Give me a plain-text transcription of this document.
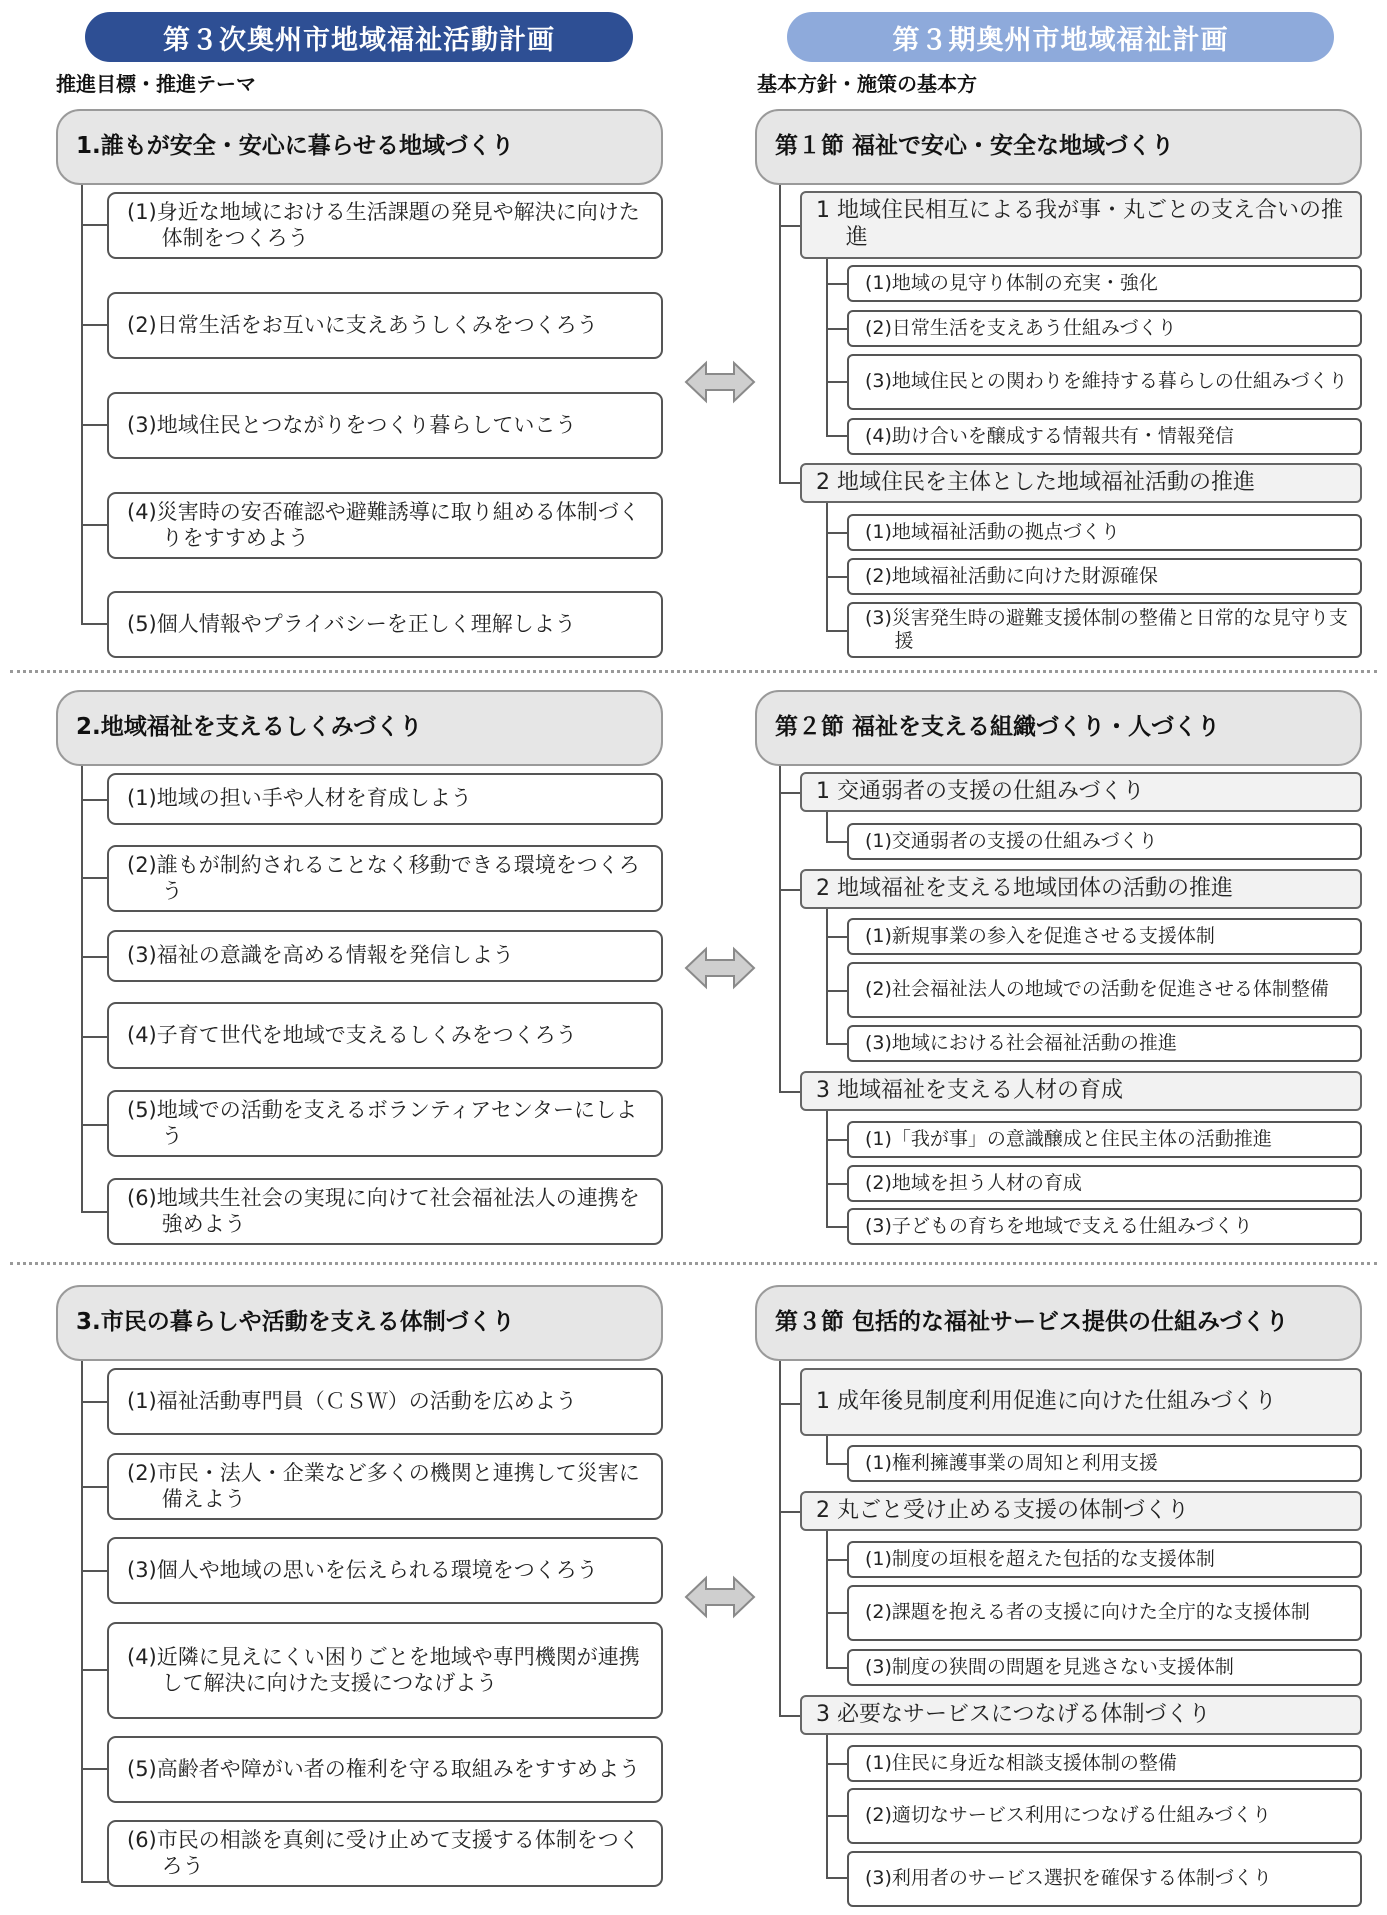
第３次奥州市地域福祉活動計画	第３期奥州市地域福祉計画
推進目標・推進テーマ	基本方針・施策の基本方
1.誰もが安全・安心に暮らせる地域づくり
(1)身近な地域における生活課題の発見や解決に向けた体制をつくろう
(2)日常生活をお互いに支えあうしくみをつくろう
(3)地域住民とつながりをつくり暮らしていこう
(4)災害時の安否確認や避難誘導に取り組める体制づくりをすすめよう
(5)個人情報やプライバシーを正しく理解しよう
第１節 福祉で安心・安全な地域づくり
1 地域住民相互による我が事・丸ごとの支え合いの推進
(1)地域の見守り体制の充実・強化
(2)日常生活を支えあう仕組みづくり
(3)地域住民との関わりを維持する暮らしの仕組みづくり
(4)助け合いを醸成する情報共有・情報発信
2 地域住民を主体とした地域福祉活動の推進
(1)地域福祉活動の拠点づくり
(2)地域福祉活動に向けた財源確保
(3)災害発生時の避難支援体制の整備と日常的な見守り支援
2.地域福祉を支えるしくみづくり
(1)地域の担い手や人材を育成しよう
(2)誰もが制約されることなく移動できる環境をつくろう
(3)福祉の意識を高める情報を発信しよう
(4)子育て世代を地域で支えるしくみをつくろう
(5)地域での活動を支えるボランティアセンターにしよう
(6)地域共生社会の実現に向けて社会福祉法人の連携を強めよう
第２節 福祉を支える組織づくり・人づくり
1 交通弱者の支援の仕組みづくり
(1)交通弱者の支援の仕組みづくり
2 地域福祉を支える地域団体の活動の推進
(1)新規事業の参入を促進させる支援体制
(2)社会福祉法人の地域での活動を促進させる体制整備
(3)地域における社会福祉活動の推進
3 地域福祉を支える人材の育成
(1)「我が事」の意識醸成と住民主体の活動推進
(2)地域を担う人材の育成
(3)子どもの育ちを地域で支える仕組みづくり
3.市民の暮らしや活動を支える体制づくり
(1)福祉活動専門員（ＣＳＷ）の活動を広めよう
(2)市民・法人・企業など多くの機関と連携して災害に備えよう
(3)個人や地域の思いを伝えられる環境をつくろう
(4)近隣に見えにくい困りごとを地域や専門機関が連携して解決に向けた支援につなげよう
(5)高齢者や障がい者の権利を守る取組みをすすめよう
(6)市民の相談を真剣に受け止めて支援する体制をつくろう
第３節 包括的な福祉サービス提供の仕組みづくり
1 成年後見制度利用促進に向けた仕組みづくり
(1)権利擁護事業の周知と利用支援
2 丸ごと受け止める支援の体制づくり
(1)制度の垣根を超えた包括的な支援体制
(2)課題を抱える者の支援に向けた全庁的な支援体制
(3)制度の狭間の問題を見逃さない支援体制
3 必要なサービスにつなげる体制づくり
(1)住民に身近な相談支援体制の整備
(2)適切なサービス利用につなげる仕組みづくり
(3)利用者のサービス選択を確保する体制づくり
